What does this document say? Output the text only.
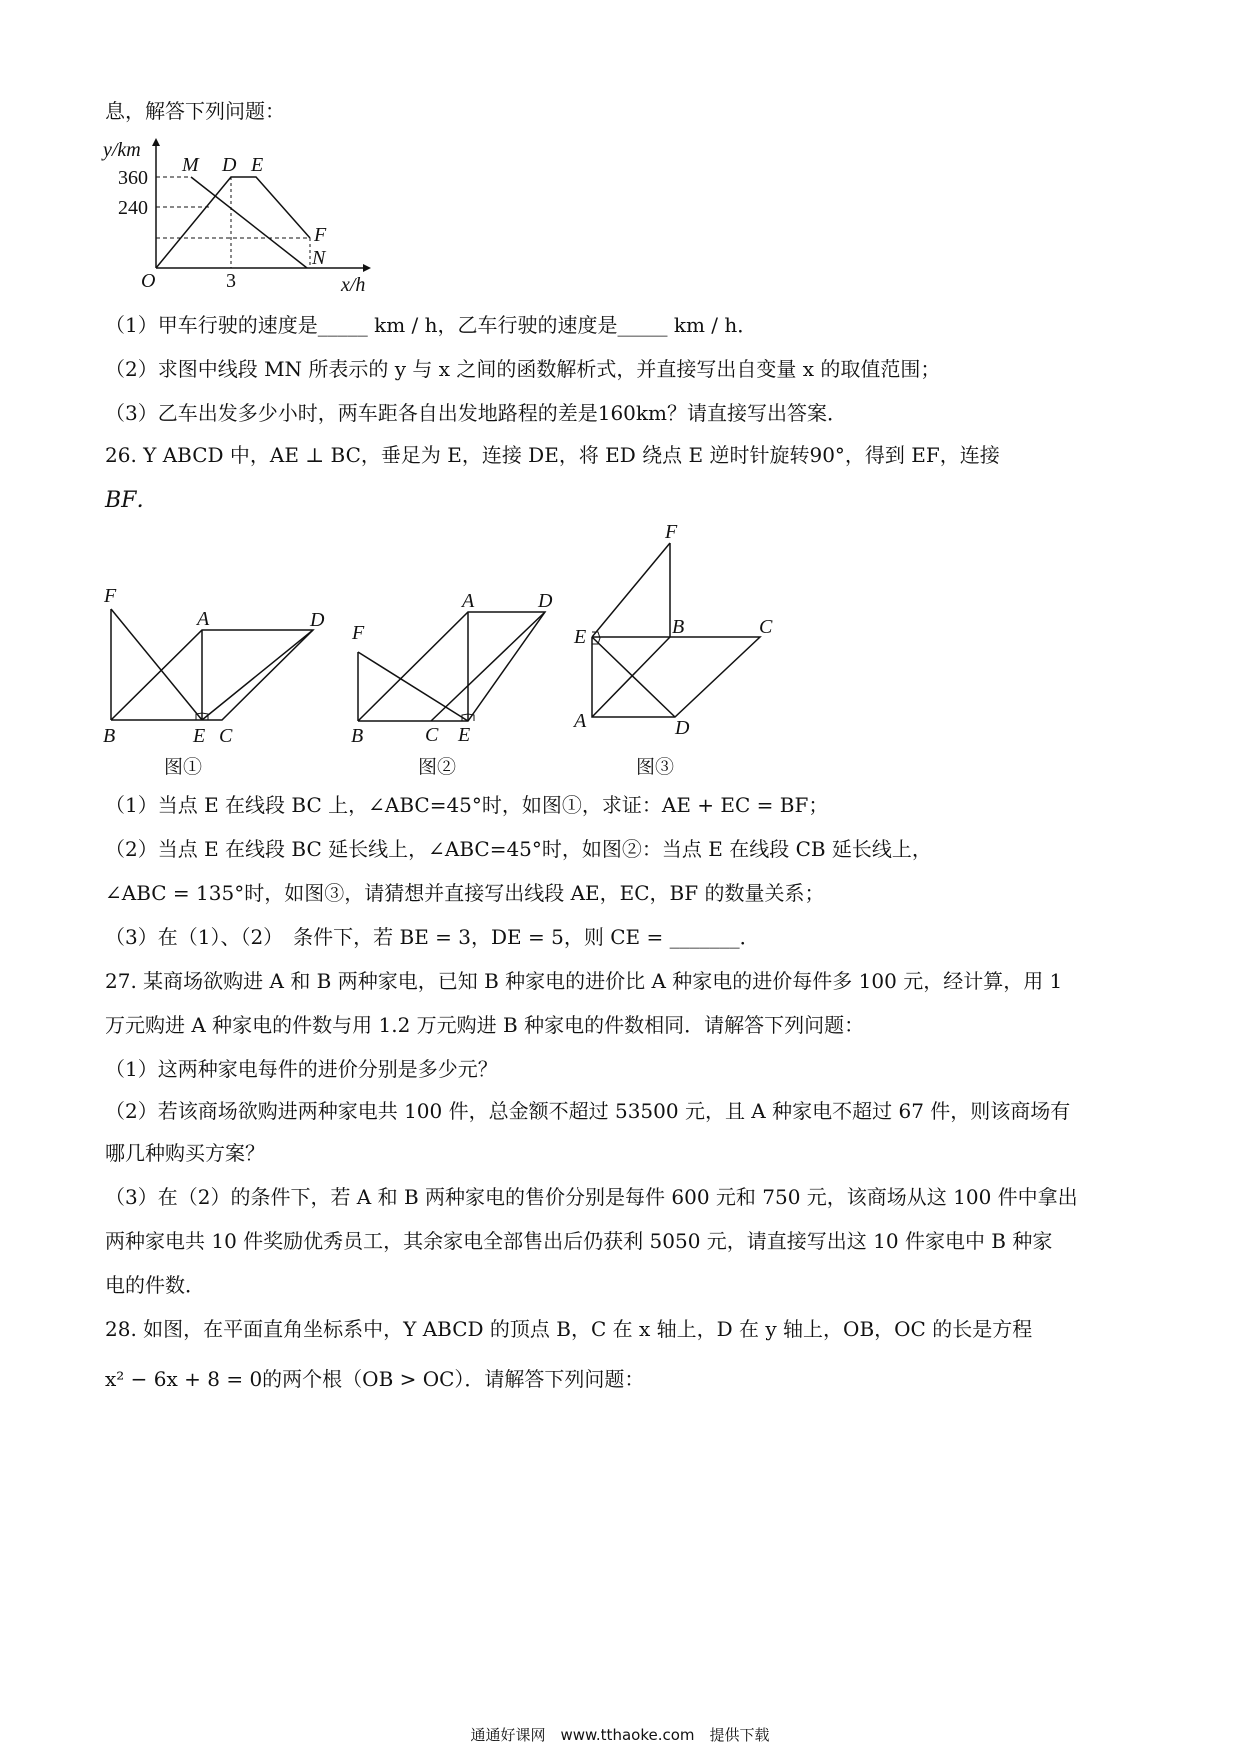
息，解答下列问题：
y/km
360
240
O	3	x/h
M D E
F
N
（1）甲车行驶的速度是_____ km / h，乙车行驶的速度是_____ km / h．
（2）求图中线段 MN 所表示的 y 与 x 之间的函数解析式，并直接写出自变量 x 的取值范围；
（3）乙车出发多少小时，两车距各自出发地路程的差是160km？请直接写出答案．
26. Y ABCD 中，AE ⊥ BC，垂足为 E，连接 DE，将 ED 绕点 E 逆时针旋转90°，得到 EF，连接
BF．
F
A	D
B	E C
图①
A	D
F
B	C E
图②
F
E	B	C
A	D
图③
（1）当点 E 在线段 BC 上，∠ABC=45°时，如图①，求证：AE + EC = BF；
（2）当点 E 在线段 BC 延长线上，∠ABC=45°时，如图②：当点 E 在线段 CB 延长线上，
∠ABC = 135°时，如图③，请猜想并直接写出线段 AE，EC，BF 的数量关系；
（3）在（1）、（2）　条件下，若 BE = 3，DE = 5，则 CE = _______．
27. 某商场欲购进 A 和 B 两种家电，已知 B 种家电的进价比 A 种家电的进价每件多 100 元，经计算，用 1
万元购进 A 种家电的件数与用 1.2 万元购进 B 种家电的件数相同．请解答下列问题：
（1）这两种家电每件的进价分别是多少元？
（2）若该商场欲购进两种家电共 100 件，总金额不超过 53500 元，且 A 种家电不超过 67 件，则该商场有
哪几种购买方案？
（3）在（2）的条件下，若 A 和 B 两种家电的售价分别是每件 600 元和 750 元，该商场从这 100 件中拿出
两种家电共 10 件奖励优秀员工，其余家电全部售出后仍获利 5050 元，请直接写出这 10 件家电中 B 种家
电的件数．
28. 如图，在平面直角坐标系中，Y ABCD 的顶点 B，C 在 x 轴上，D 在 y 轴上，OB，OC 的长是方程
x² − 6x + 8 = 0的两个根（OB > OC）．请解答下列问题：
通通好课网　www.tthaoke.com　提供下载
